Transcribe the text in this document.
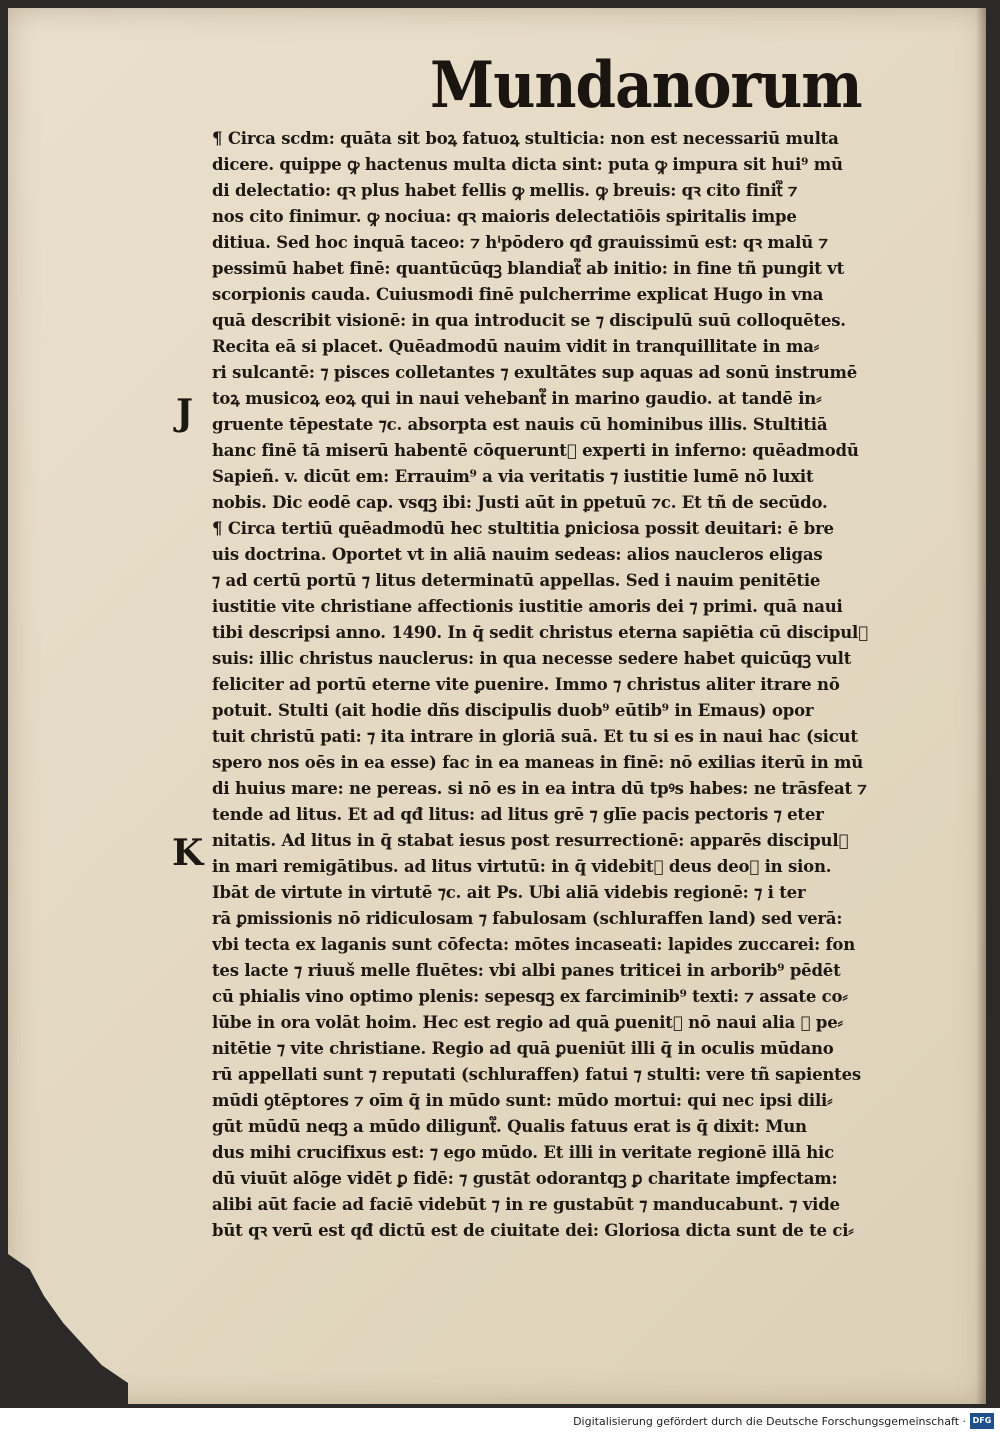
Mundanorum
J
K
¶ Circa scdm: quāta sit boꝝ fatuoꝝ stulticia: non est necessariū multa
dicere. quippe ꝙ hactenus multa dicta sint: puta ꝙ impura sit hui⁹ mū
di delectatio: qꝛ plus habet fellis ꝙ mellis. ꝙ breuis: qꝛ cito finit᷑ ⁊
nos cito finimur. ꝙ nociua: qꝛ maioris delectatiōis spiritalis impe
ditiua. Sed hoc inquā taceo: ⁊ hⁱpōdero qđ grauissimū est: qꝛ malū ⁊
pessimū habet finē: quantūcūqꝫ blandiat᷑ ab initio: in fine tñ pungit vt
scorpionis cauda. Cuiusmodi finē pulcherrime explicat Hugo in vna
quā describit visionē: in qua introducit se ⁊ discipulū suū colloquētes.
Recita eā si placet. Quēadmodū nauim vidit in tranquillitate in ma⸗
ri sulcantē: ⁊ pisces colletantes ⁊ exultātes sup aquas ad sonū instrumē
toꝝ musicoꝝ eoꝝ qui in naui vehebant᷑ in marino gaudio. at tandē in⸗
gruente tēpestate ⁊c. absorpta est nauis cū hominibus illis. Stultitiā
hanc finē tā miserū habentē cōquerunt᷑ experti in inferno: quēadmodū
Sapieñ. v. dicūt em: Errauim⁹ a via veritatis ⁊ iustitie lumē nō luxit
nobis. Dic eodē cap. vsqꝫ ibi: Justi aūt in ꝑpetuū ⁊c. Et tñ de secūdo.
¶ Circa tertiū quēadmodū hec stultitia ꝑniciosa possit deuitari: ē bre
uis doctrina. Oportet vt in aliā nauim sedeas: alios naucleros eligas
⁊ ad certū portū ⁊ litus determinatū appellas. Sed i nauim penitētie
iustitie vite christiane affectionis iustitie amoris dei ⁊ primi. quā naui
tibi descripsi anno. 1490. In q̄ sedit christus eterna sapiētia cū discipul᷑
suis: illic christus nauclerus: in qua necesse sedere habet quicūqꝫ vult
feliciter ad portū eterne vite ꝑuenire. Immo ⁊ christus aliter itrare nō
potuit. Stulti (ait hodie dñs discipulis duob⁹ eūtib⁹ in Emaus) opor
tuit christū pati: ⁊ ita intrare in gloriā suā. Et tu si es in naui hac (sicut
spero nos oēs in ea esse) fac in ea maneas in finē: nō exilias iterū in mū
di huius mare: ne pereas. si nō es in ea intra dū tpꝰs habes: ne trāsfeat ⁊
tende ad litus. Et ad qđ litus: ad litus grē ⁊ glīe pacis pectoris ⁊ eter
nitatis. Ad litus in q̄ stabat iesus post resurrectionē: apparēs discipul᷑
in mari remigātibus. ad litus virtutū: in q̄ videbit᷑ deus deoꝝ in sion.
Ibāt de virtute in virtutē ⁊c. ait Ps. Ubi aliā videbis regionē: ⁊ i ter
rā ꝑmissionis nō ridiculosam ⁊ fabulosam (schluraffen land) sed verā:
vbi tecta ex laganis sunt cōfecta: mōtes incaseati: lapides zuccarei: fon
tes lacte ⁊ riuuš melle fluētes: vbi albi panes triticei in arborib⁹ pēdēt
cū phialis vino optimo plenis: sepesqꝫ ex farciminib⁹ texti: ⁊ assate co⸗
lūbe in ora volāt hoim. Hec est regio ad quā ꝑuenit᷑ nō naui alia ꝙ pe⸗
nitētie ⁊ vite christiane. Regio ad quā ꝑueniūt illi q̄ in oculis mūdano
rū appellati sunt ⁊ reputati (schluraffen) fatui ⁊ stulti: vere tñ sapientes
mūdi ꝯtēptores ⁊ oīm q̄ in mūdo sunt: mūdo mortui: qui nec ipsi dili⸗
gūt mūdū neqꝫ a mūdo diligunt᷑. Qualis fatuus erat is q̄ dixit: Mun
dus mihi crucifixus est: ⁊ ego mūdo. Et illi in veritate regionē illā hic
dū viuūt alōge vidēt ꝑ fidē: ⁊ gustāt odorantqꝫ ꝑ charitate imꝑfectam:
alibi aūt facie ad faciē videbūt ⁊ in re gustabūt ⁊ manducabunt. ⁊ vide
būt qꝛ verū est qđ dictū est de ciuitate dei: Gloriosa dicta sunt de te ci⸗
Digitalisierung gefördert durch die Deutsche Forschungsgemeinschaft · DFG
